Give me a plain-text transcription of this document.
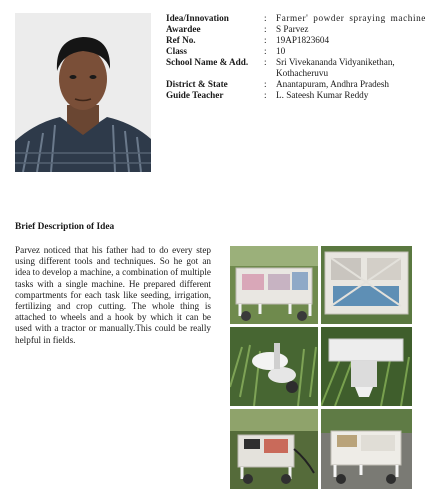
Idea/Innovation	:	Farmer' powder spraying machine
Awardee	:	S Parvez
Ref No.	:	19AP1823604
Class	:	10
School Name & Add.	:	Sri Vivekananda Vidyanikethan, Kothacheruvu
District & State	:	Anantapuram, Andhra Pradesh
Guide Teacher	:	L. Sateesh Kumar Reddy
Brief Description of Idea
Parvez noticed that his father had to do every step using different tools and techniques. So he got an idea to develop a machine, a combination of multiple tasks with a single machine. He prepared different compartments for each task like seeding, irrigation, fertilizing and crop cutting. The whole thing is attached to wheels and a hook by which it can be used with a tractor or manually.This could be really helpful in fields.
